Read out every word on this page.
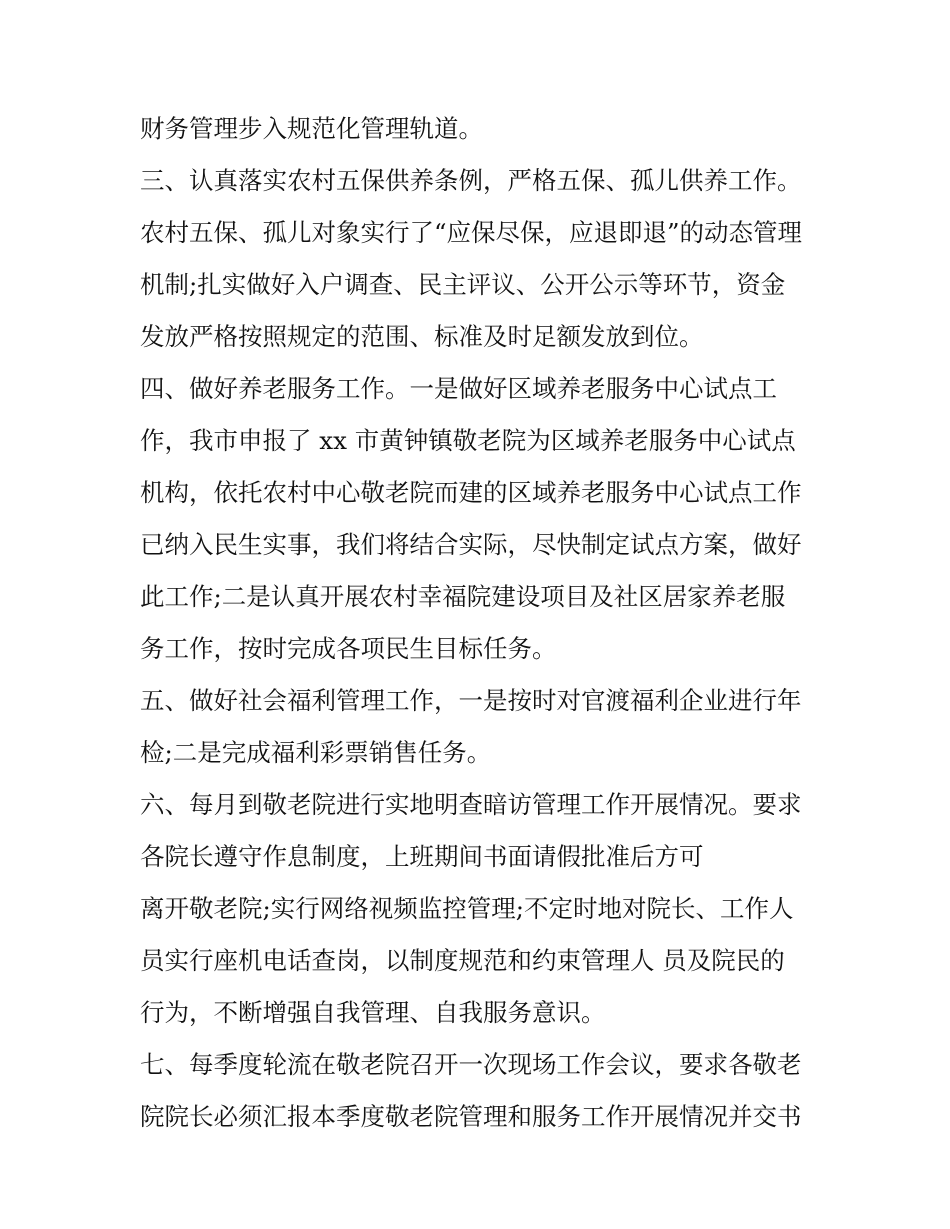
财务管理步入规范化管理轨道。

三、认真落实农村五保供养条例，严格五保、孤儿供养工作。

农村五保、孤儿对象实行了“应保尽保，应退即退”的动态管理

机制;扎实做好入户调查、民主评议、公开公示等环节，资金

发放严格按照规定的范围、标准及时足额发放到位。

四、做好养老服务工作。一是做好区域养老服务中心试点工

作，我市申报了 xx 市黄钟镇敬老院为区域养老服务中心试点

机构，依托农村中心敬老院而建的区域养老服务中心试点工作

已纳入民生实事，我们将结合实际，尽快制定试点方案，做好

此工作;二是认真开展农村幸福院建设项目及社区居家养老服

务工作，按时完成各项民生目标任务。

五、做好社会福利管理工作，一是按时对官渡福利企业进行年

检;二是完成福利彩票销售任务。

六、每月到敬老院进行实地明查暗访管理工作开展情况。要求

各院长遵守作息制度，上班期间书面请假批准后方可

离开敬老院;实行网络视频监控管理;不定时地对院长、工作人

员实行座机电话查岗，以制度规范和约束管理人 员及院民的

行为，不断增强自我管理、自我服务意识。

七、每季度轮流在敬老院召开一次现场工作会议，要求各敬老

院院长必须汇报本季度敬老院管理和服务工作开展情况并交书
